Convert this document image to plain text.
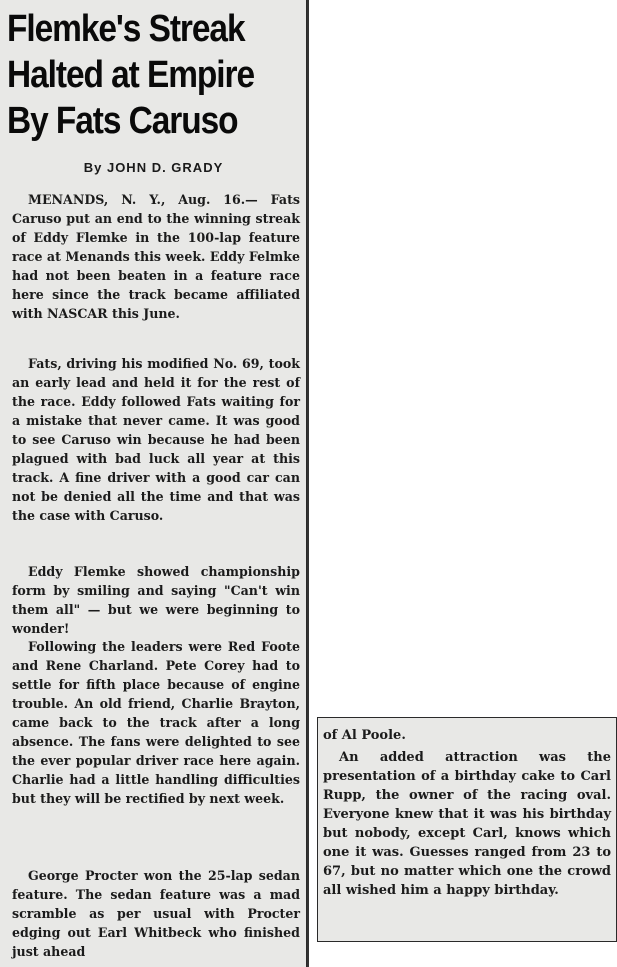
Flemke's Streak
Halted at Empire
By Fats Caruso
By JOHN D. GRADY

MENANDS, N. Y., Aug. 16.— Fats Caruso put an end to the winning streak of Eddy Flemke in the 100-lap feature race at Menands this week. Eddy Felmke had not been beaten in a feature race here since the track became affiliated with NASCAR this June.

Fats, driving his modified No. 69, took an early lead and held it for the rest of the race. Eddy followed Fats waiting for a mistake that never came. It was good to see Caruso win because he had been plagued with bad luck all year at this track. A fine driver with a good car can not be denied all the time and that was the case with Caruso.

Eddy Flemke showed championship form by smiling and saying "Can't win them all" — but we were beginning to wonder!

Following the leaders were Red Foote and Rene Charland. Pete Corey had to settle for fifth place because of engine trouble. An old friend, Charlie Brayton, came back to the track after a long absence. The fans were delighted to see the ever popular driver race here again. Charlie had a little handling difficulties but they will be rectified by next week.

George Procter won the 25-lap sedan feature. The sedan feature was a mad scramble as per usual with Procter edging out Earl Whitbeck who finished just ahead

of Al Poole.

An added attraction was the presentation of a birthday cake to Carl Rupp, the owner of the racing oval. Everyone knew that it was his birthday but nobody, except Carl, knows which one it was. Guesses ranged from 23 to 67, but no matter which one the crowd all wished him a happy birthday.
